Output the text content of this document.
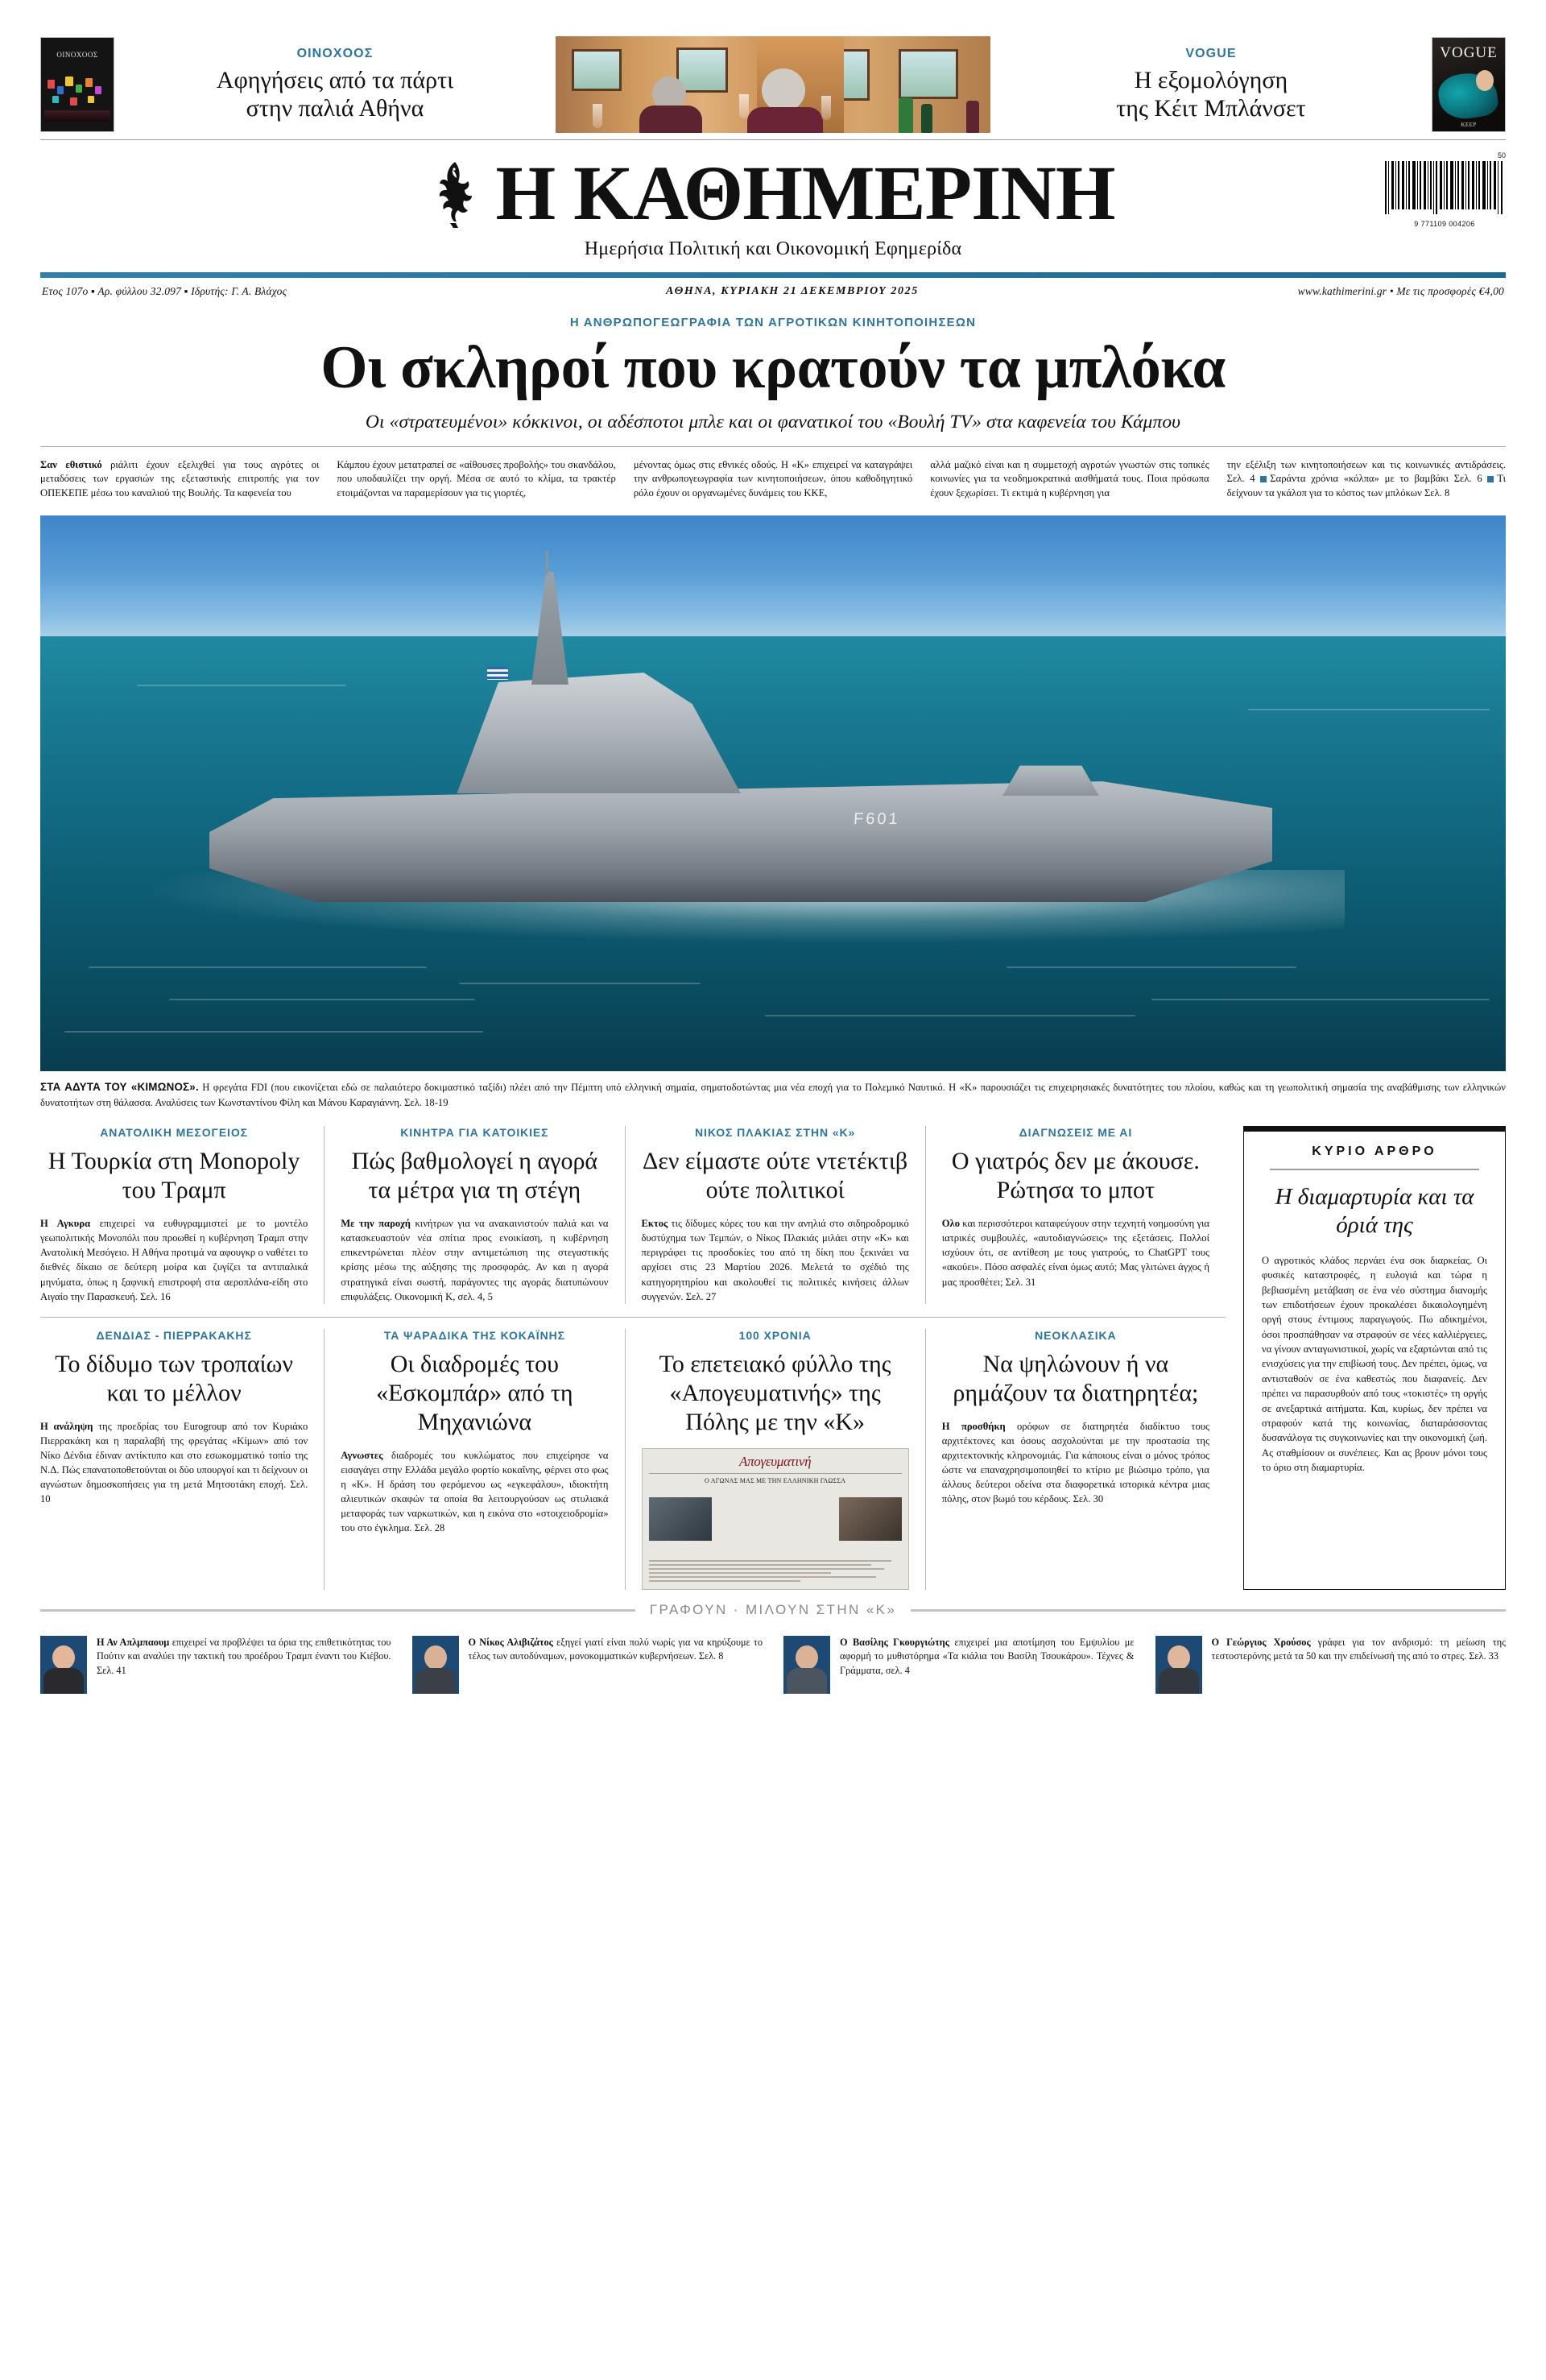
ΟΙΝΟΧΟΟΣ	ΟΙΝΟΧΟΟΣ
Αφηγήσεις από τα πάρτι
στην παλιά Αθήνα
VOGUE
Η εξομολόγηση
της Κέιτ Μπλάνσετ
VOGUE
KEEP
Η ΚΑΘΗΜΕΡΙΝΗ
Ημερήσια Πολιτική και Οικονομική Εφημερίδα
50
9 771109 004206
Ετος 107ο ▪ Αρ. φύλλου 32.097 ▪ Ιδρυτής: Γ. Α. Βλάχος	ΑΘΗΝΑ, ΚΥΡΙΑΚΗ 21 ΔΕΚΕΜΒΡΙΟΥ 2025	www.kathimerini.gr • Με τις προσφορές €4,00
Η ΑΝΘΡΩΠΟΓΕΩΓΡΑΦΙΑ ΤΩΝ ΑΓΡΟΤΙΚΩΝ ΚΙΝΗΤΟΠΟΙΗΣΕΩΝ
Οι σκληροί που κρατούν τα μπλόκα
Οι «στρατευμένοι» κόκκινοι, οι αδέσποτοι μπλε και οι φανατικοί του «Βουλή TV» στα καφενεία του Κάμπου

Σαν εθιστικό ριάλιτι έχουν εξελιχθεί για τους αγρότες οι μεταδόσεις των εργασιών της εξεταστικής επιτροπής για τον ΟΠΕΚΕΠΕ μέσω του καναλιού της Βουλής. Τα καφενεία του

Κάμπου έχουν μετατραπεί σε «αίθουσες προβολής» του σκανδάλου, που υποδαυλίζει την οργή. Μέσα σε αυτό το κλίμα, τα τρακτέρ ετοιμάζονται να παραμερίσουν για τις γιορτές,

μένοντας όμως στις εθνικές οδούς. Η «Κ» επιχειρεί να καταγράψει την ανθρωπογεωγραφία των κινητοποιήσεων, όπου καθοδηγητικό ρόλο έχουν οι οργανωμένες δυνάμεις του ΚΚΕ,

αλλά μαζικό είναι και η συμμετοχή αγροτών γνωστών στις τοπικές κοινωνίες για τα νεοδημοκρατικά αισθήματά τους. Ποια πρόσωπα έχουν ξεχωρίσει. Τι εκτιμά η κυβέρνηση για

την εξέλιξη των κινητοποιήσεων και τις κοινωνικές αντιδράσεις. Σελ. 4 Σαράντα χρόνια «κόλπα» με το βαμβάκι Σελ. 6 Τι δείχνουν τα γκάλοπ για το κόστος των μπλόκων Σελ. 8

F601
ΣΤΑ ΑΔΥΤΑ ΤΟΥ «ΚΙΜΩΝΟΣ». Η φρεγάτα FDI (που εικονίζεται εδώ σε παλαιότερο δοκιμαστικό ταξίδι) πλέει από την Πέμπτη υπό ελληνική σημαία, σηματοδοτώντας μια νέα εποχή για το Πολεμικό Ναυτικό. Η «Κ» παρουσιάζει τις επιχειρησιακές δυνατότητες του πλοίου, καθώς και τη γεωπολιτική σημασία της αναβάθμισης των ελληνικών δυνατοτήτων στη θάλασσα. Αναλύσεις των Κωνσταντίνου Φίλη και Μάνου Καραγιάννη. Σελ. 18-19
ΑΝΑΤΟΛΙΚΗ ΜΕΣΟΓΕΙΟΣ
Η Τουρκία στη Monopoly του Τραμπ
Η Αγκυρα επιχειρεί να ευθυγραμμιστεί με το μοντέλο γεωπολιτικής Μονοπόλι που προωθεί η κυβέρνηση Τραμπ στην Ανατολική Μεσόγειο. Η Αθήνα προτιμά να αφουγκρ ο ναθέτει το διεθνές δίκαιο σε δεύτερη μοίρα και ζυγίζει τα αντιπαλικά μηνύματα, όπως η ξαφνική επιστροφή στα αεροπλάνα-είδη στο Αιγαίο την Παρασκευή. Σελ. 16
ΚΙΝΗΤΡΑ ΓΙΑ ΚΑΤΟΙΚΙΕΣ
Πώς βαθμολογεί η αγορά τα μέτρα για τη στέγη
Με την παροχή κινήτρων για να ανακαινιστούν παλιά και να κατασκευαστούν νέα σπίτια προς ενοικίαση, η κυβέρνηση επικεντρώνεται πλέον στην αντιμετώπιση της στεγαστικής κρίσης μέσω της αύξησης της προσφοράς. Αν και η αγορά στρατηγικά είναι σωστή, παράγοντες της αγοράς διατυπώνουν επιφυλάξεις. Οικονομική Κ, σελ. 4, 5
ΝΙΚΟΣ ΠΛΑΚΙΑΣ ΣΤΗΝ «Κ»
Δεν είμαστε ούτε ντετέκτιβ ούτε πολιτικοί
Εκτος τις δίδυμες κόρες του και την ανηλιά στο σιδηροδρομικό δυστύχημα των Τεμπών, ο Νίκος Πλακιάς μιλάει στην «Κ» και περιγράφει τις προσδοκίες του από τη δίκη που ξεκινάει να αρχίσει στις 23 Μαρτίου 2026. Μελετά το σχέδιό της κατηγορητηρίου και ακολουθεί τις πολιτικές κινήσεις άλλων συγγενών. Σελ. 27
ΔΙΑΓΝΩΣΕΙΣ ΜΕ ΑΙ
Ο γιατρός δεν με άκουσε. Ρώτησα το μποτ
Ολο και περισσότεροι καταφεύγουν στην τεχνητή νοημοσύνη για ιατρικές συμβουλές, «αυτοδιαγνώσεις» της εξετάσεις. Πολλοί ισχύουν ότι, σε αντίθεση με τους γιατρούς, το ChatGPT τους «ακούει». Πόσο ασφαλές είναι όμως αυτό; Μας γλιτώνει άγχος ή μας προσθέτει; Σελ. 31
ΔΕΝΔΙΑΣ - ΠΙΕΡΡΑΚΑΚΗΣ
Το δίδυμο των τροπαίων και το μέλλον
Η ανάληψη της προεδρίας του Eurogroup από τον Κυριάκο Πιερρακάκη και η παραλαβή της φρεγάτας «Κίμων» από τον Νίκο Δένδια έδιναν αντίκτυπο και στο εσωκομματικό τοπίο της Ν.Δ. Πώς επανατοποθετούνται οι δύο υπουργοί και τι δείχνουν οι αγνώστων δημοσκοπήσεις για τη μετά Μητσοτάκη εποχή. Σελ. 10
ΤΑ ΨΑΡΑΔΙΚΑ ΤΗΣ ΚΟΚΑΪΝΗΣ
Οι διαδρομές του «Εσκομπάρ» από τη Μηχανιώνα
Αγνωστες διαδρομές του κυκλώματος που επιχείρησε να εισαγάγει στην Ελλάδα μεγάλο φορτίο κοκαΐνης, φέρνει στο φως η «Κ». Η δράση του φερόμενου ως «εγκεφάλου», ιδιοκτήτη αλιευτικών σκαφών τα οποία θα λειτουργούσαν ως στυλιακά μεταφοράς των ναρκωτικών, και η εικόνα στο «στοιχειοδρομία» του στο έγκλημα. Σελ. 28
100 ΧΡΟΝΙΑ
Το επετειακό φύλλο της «Απογευματινής» της Πόλης με την «Κ»
Απογευματινή
Ο ΑΓΩΝΑΣ ΜΑΣ ΜΕ ΤΗΝ ΕΛΛΗΝΙΚΗ ΓΛΩΣΣΑ
ΝΕΟΚΛΑΣΙΚΑ
Να ψηλώνουν ή να ρημάζουν τα διατηρητέα;
Η προσθήκη ορόφων σε διατηρητέα διαδίκτυο τους αρχιτέκτονες και όσους ασχολούνται με την προστασία της αρχιτεκτονικής κληρονομιάς. Για κάποιους είναι ο μόνος τρόπος ώστε να επαναχρησιμοποιηθεί το κτίριο με βιώσιμο τρόπο, για άλλους δεύτεροι οδείνα στα διαφορετικά ιστορικά κέντρα μιας πόλης, στον βωμό του κέρδους. Σελ. 30
ΚΥΡΙΟ ΑΡΘΡΟ
Η διαμαρτυρία και τα όριά της
Ο αγροτικός κλάδος περνάει ένα σοκ διαρκείας. Οι φυσικές καταστροφές, η ευλογιά και τώρα η βεβιασμένη μετάβαση σε ένα νέο σύστημα διανομής των επιδοτήσεων έχουν προκαλέσει δικαιολογημένη οργή στους έντιμους παραγωγούς. Πω αδικημένοι, όσοι προσπάθησαν να στραφούν σε νέες καλλιέργειες, να γίνουν ανταγωνιστικοί, χωρίς να εξαρτώνται από τις ενισχύσεις για την επιβίωσή τους. Δεν πρέπει, όμως, να αντισταθούν σε ένα καθεστώς που διαφανείς. Δεν πρέπει να παρασυρθούν από τους «τοκιστές» τη οργής σε ανεξαρτικά αιτήματα. Και, κυρίως, δεν πρέπει να στραφούν κατά της κοινωνίας, διαταράσσοντας δυσανάλογα τις συγκοινωνίες και την οικονομική ζωή. Ας σταθμίσουν οι συνέπειες. Και ας βρουν μόνοι τους το όριο στη διαμαρτυρία.
ΓΡΑΦΟΥΝ · ΜΙΛΟΥΝ ΣΤΗΝ «Κ»
Η Αν Απλμπαουμ επιχειρεί να προβλέψει τα όρια της επιθετικότητας του Πούτιν και αναλύει την τακτική του προέδρου Τραμπ έναντι του Κιέβου. Σελ. 41
Ο Νίκος Αλιβιζάτος εξηγεί γιατί είναι πολύ νωρίς για να κηρύξουμε το τέλος των αυτοδύναμων, μονοκομματικών κυβερνήσεων. Σελ. 8
Ο Βασίλης Γκουργιώτης επιχειρεί μια αποτίμηση του Εμψυλίου με αφορμή το μυθιστόρημα «Τα κιάλια του Βασίλη Τσουκάρου». Τέχνες & Γράμματα, σελ. 4
Ο Γεώργιος Χρούσος γράφει για τον ανδρισμό: τη μείωση της τεστοστερόνης μετά τα 50 και την επιδείνωσή της από το στρες. Σελ. 33
